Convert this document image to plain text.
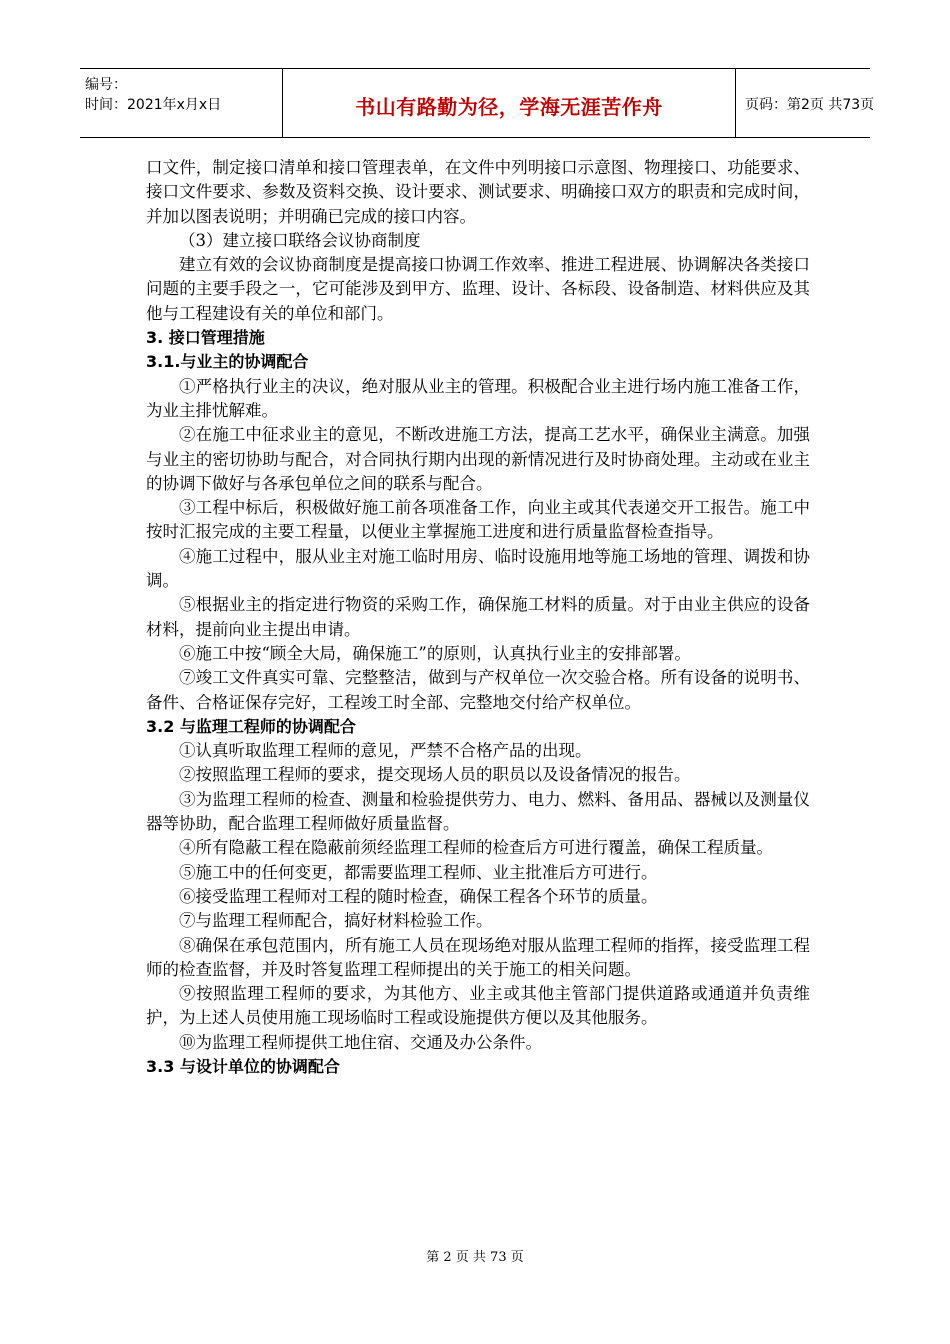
编号：
时间：2021年x月x日	书山有路勤为径，学海无涯苦作舟	页码：第2页 共73页

口文件，制定接口清单和接口管理表单，在文件中列明接口示意图、物理接口、功能要求、接口文件要求、参数及资料交换、设计要求、测试要求、明确接口双方的职责和完成时间，并加以图表说明；并明确已完成的接口内容。

（3）建立接口联络会议协商制度

建立有效的会议协商制度是提高接口协调工作效率、推进工程进展、协调解决各类接口问题的主要手段之一，它可能涉及到甲方、监理、设计、各标段、设备制造、材料供应及其他与工程建设有关的单位和部门。

3. 接口管理措施

3.1.与业主的协调配合

①严格执行业主的决议，绝对服从业主的管理。积极配合业主进行场内施工准备工作，为业主排忧解难。

②在施工中征求业主的意见，不断改进施工方法，提高工艺水平，确保业主满意。加强与业主的密切协助与配合，对合同执行期内出现的新情况进行及时协商处理。主动或在业主的协调下做好与各承包单位之间的联系与配合。

③工程中标后，积极做好施工前各项准备工作，向业主或其代表递交开工报告。施工中按时汇报完成的主要工程量，以便业主掌握施工进度和进行质量监督检查指导。

④施工过程中，服从业主对施工临时用房、临时设施用地等施工场地的管理、调拨和协调。

⑤根据业主的指定进行物资的采购工作，确保施工材料的质量。对于由业主供应的设备材料，提前向业主提出申请。

⑥施工中按“顾全大局，确保施工”的原则，认真执行业主的安排部署。

⑦竣工文件真实可靠、完整整洁，做到与产权单位一次交验合格。所有设备的说明书、备件、合格证保存完好，工程竣工时全部、完整地交付给产权单位。

3.2 与监理工程师的协调配合

①认真听取监理工程师的意见，严禁不合格产品的出现。

②按照监理工程师的要求，提交现场人员的职员以及设备情况的报告。

③为监理工程师的检查、测量和检验提供劳力、电力、燃料、备用品、器械以及测量仪器等协助，配合监理工程师做好质量监督。

④所有隐蔽工程在隐蔽前须经监理工程师的检查后方可进行覆盖，确保工程质量。

⑤施工中的任何变更，都需要监理工程师、业主批准后方可进行。

⑥接受监理工程师对工程的随时检查，确保工程各个环节的质量。

⑦与监理工程师配合，搞好材料检验工作。

⑧确保在承包范围内，所有施工人员在现场绝对服从监理工程师的指挥，接受监理工程师的检查监督，并及时答复监理工程师提出的关于施工的相关问题。

⑨按照监理工程师的要求，为其他方、业主或其他主管部门提供道路或通道并负责维护，为上述人员使用施工现场临时工程或设施提供方便以及其他服务。

⑩为监理工程师提供工地住宿、交通及办公条件。

3.3 与设计单位的协调配合

第 2 页 共 73 页
